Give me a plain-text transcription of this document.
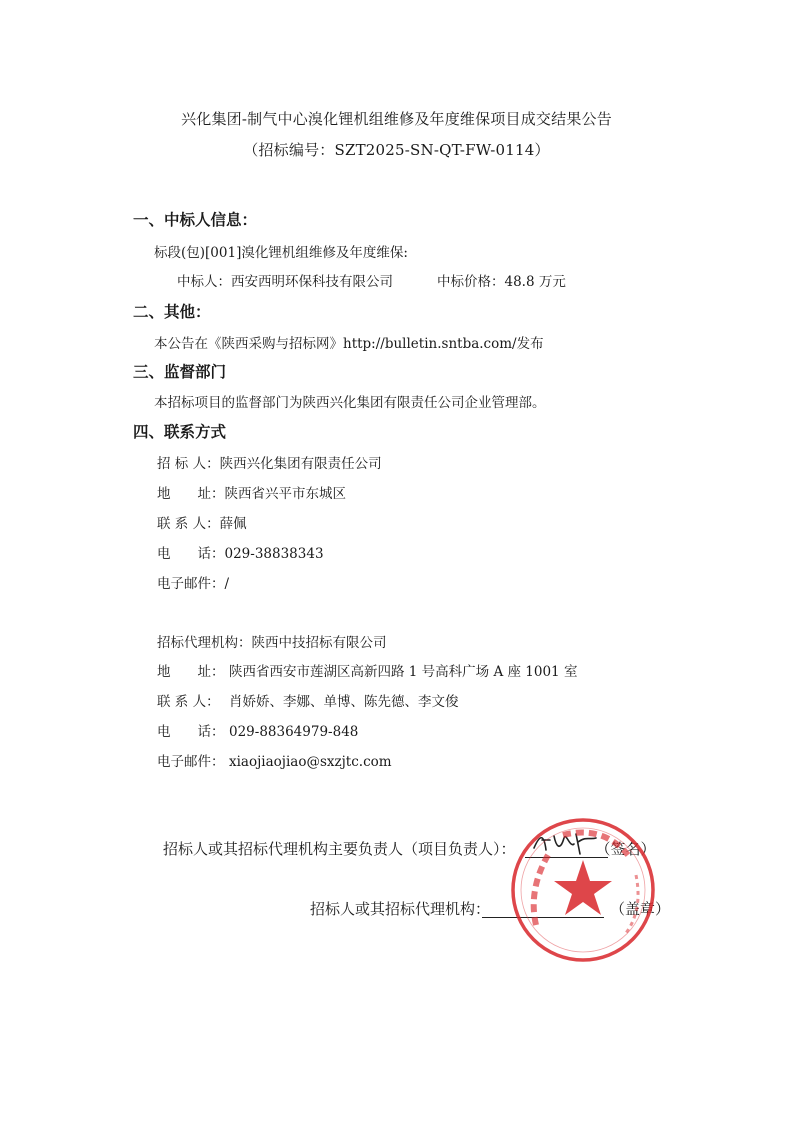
兴化集团-制气中心溴化锂机组维修及年度维保项目成交结果公告
（招标编号：SZT2025-SN-QT-FW-0114）
一、中标人信息：
标段(包)[001]溴化锂机组维修及年度维保:
中标人：西安西明环保科技有限公司	中标价格：48.8 万元
二、其他：
本公告在《陕西采购与招标网》http://bulletin.sntba.com/发布
三、监督部门
本招标项目的监督部门为陕西兴化集团有限责任公司企业管理部。
四、联系方式
招 标 人：陕西兴化集团有限责任公司
地　　址：陕西省兴平市东城区
联 系 人：薛佩
电　　话：029-38838343
电子邮件：/
招标代理机构：陕西中技招标有限公司
地　　址： 陕西省西安市莲湖区高新四路 1 号高科广场 A 座 1001 室
联 系 人： 肖娇娇、李娜、单博、陈先德、李文俊
电　　话： 029-88364979-848
电子邮件： xiaojiaojiao@sxzjtc.com
招标人或其招标代理机构主要负责人（项目负责人）：	（签名）
招标人或其招标代理机构：	（盖章）
